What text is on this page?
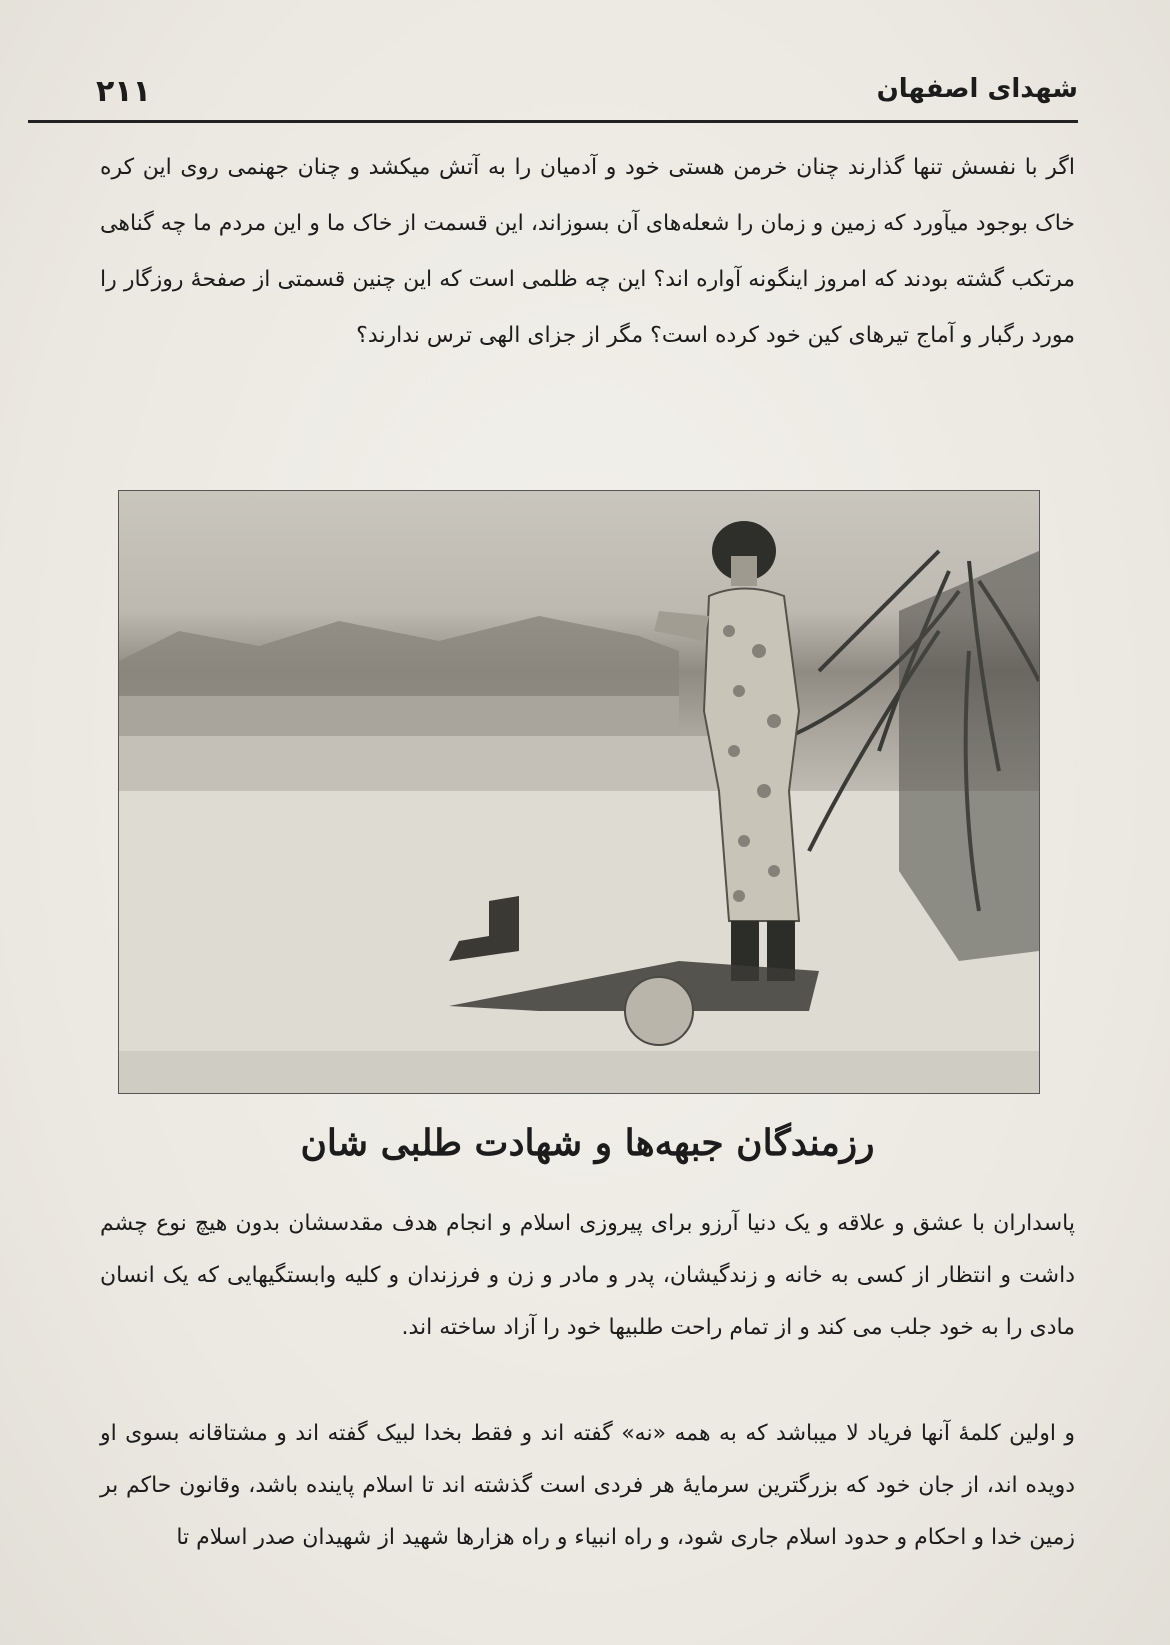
۲۱۱	شهدای اصفهان

اگر با نفسش تنها گذارند چنان خرمن هستی خود و آدمیان را به آتش میکشد و چنان جهنمی روی این کره خاک بوجود میآورد که زمین و زمان را شعله‌های آن بسوزاند، این قسمت از خاک ما و این مردم ما چه گناهی مرتکب گشته بودند که امروز اینگونه آواره اند؟ این چه ظلمی است که این چنین قسمتی از صفحهٔ روزگار را مورد رگبار و آماج تیرهای کین خود کرده است؟ مگر از جزای الهی ترس ندارند؟

رزمندگان جبهه‌ها و شهادت طلبی شان

پاسداران با عشق و علاقه و یک دنیا آرزو برای پیروزی اسلام و انجام هدف مقدسشان بدون هیچ نوع چشم داشت و انتظار از کسی به خانه و زندگیشان، پدر و مادر و زن و فرزندان و کلیه وابستگیهایی که یک انسان مادی را به خود جلب می کند و از تمام راحت طلبیها خود را آزاد ساخته اند.

و اولین کلمهٔ آنها فریاد لا میباشد که به همه «نه» گفته اند و فقط بخدا لبیک گفته اند و مشتاقانه بسوی او دویده اند، از جان خود که بزرگترین سرمایهٔ هر فردی است گذشته اند تا اسلام پاینده باشد، وقانون حاکم بر زمین خدا و احکام و حدود اسلام جاری شود، و راه انبیاء و راه هزارها شهید از شهیدان صدر اسلام تا
